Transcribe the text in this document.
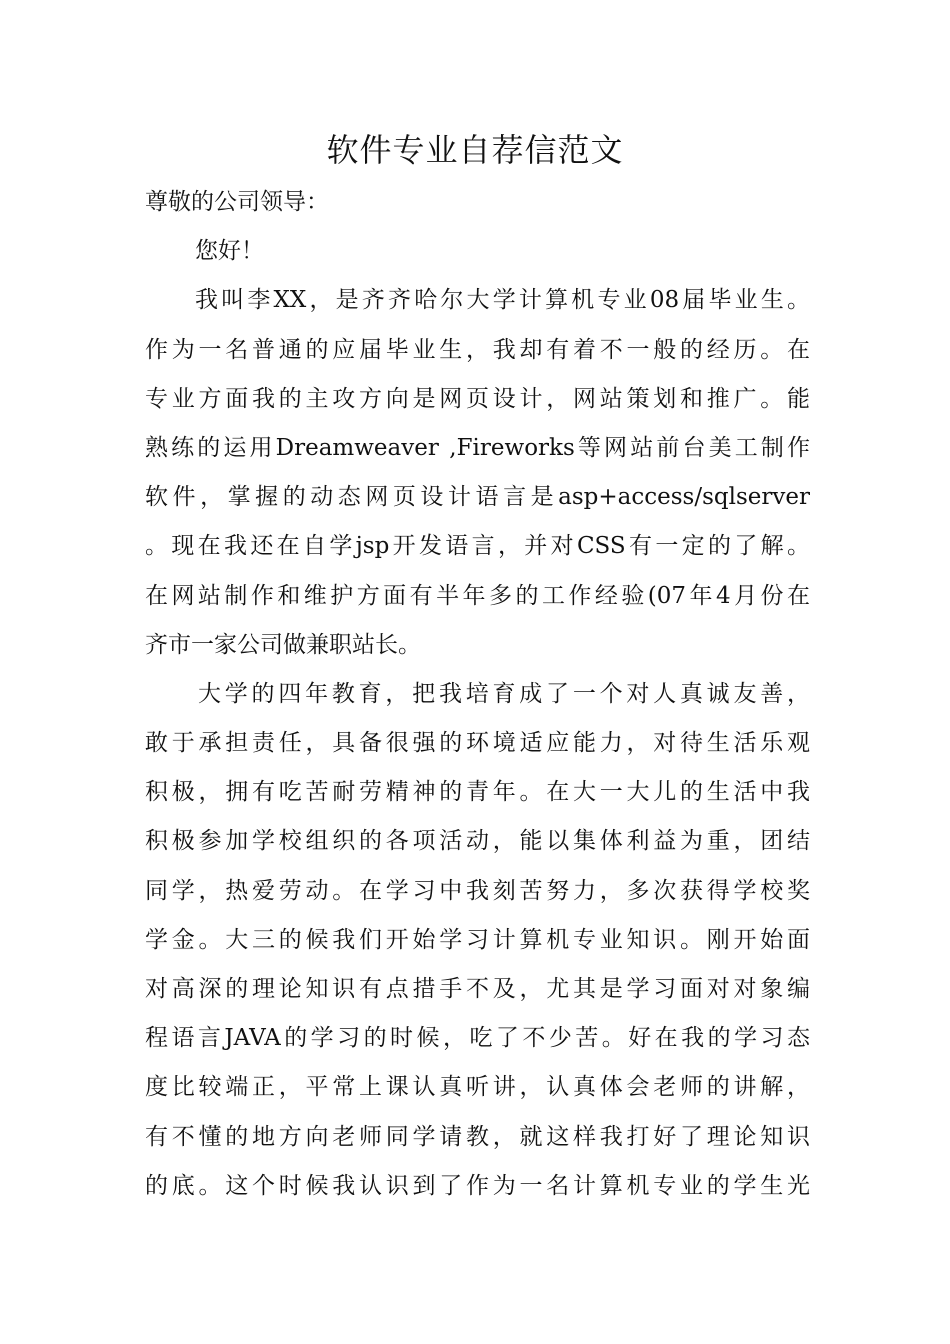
软件专业自荐信范文
尊敬的公司领导：
您好！
我叫李XX，是齐齐哈尔大学计算机专业08届毕业生。
作为一名普通的应届毕业生，我却有着不一般的经历。在
专业方面我的主攻方向是网页设计，网站策划和推广。能
熟练的运用Dreamweaver ,Fireworks等网站前台美工制作
软件，掌握的动态网页设计语言是asp+access/sqlserver
。现在我还在自学jsp开发语言，并对CSS有一定的了解。
在网站制作和维护方面有半年多的工作经验(07年4月份在
齐市一家公司做兼职站长。
大学的四年教育，把我培育成了一个对人真诚友善，
敢于承担责任，具备很强的环境适应能力，对待生活乐观
积极，拥有吃苦耐劳精神的青年。在大一大儿的生活中我
积极参加学校组织的各项活动，能以集体利益为重，团结
同学，热爱劳动。在学习中我刻苦努力，多次获得学校奖
学金。大三的候我们开始学习计算机专业知识。刚开始面
对高深的理论知识有点措手不及，尤其是学习面对对象编
程语言JAVA的学习的时候，吃了不少苦。好在我的学习态
度比较端正，平常上课认真听讲，认真体会老师的讲解，
有不懂的地方向老师同学请教，就这样我打好了理论知识
的底。这个时候我认识到了作为一名计算机专业的学生光
